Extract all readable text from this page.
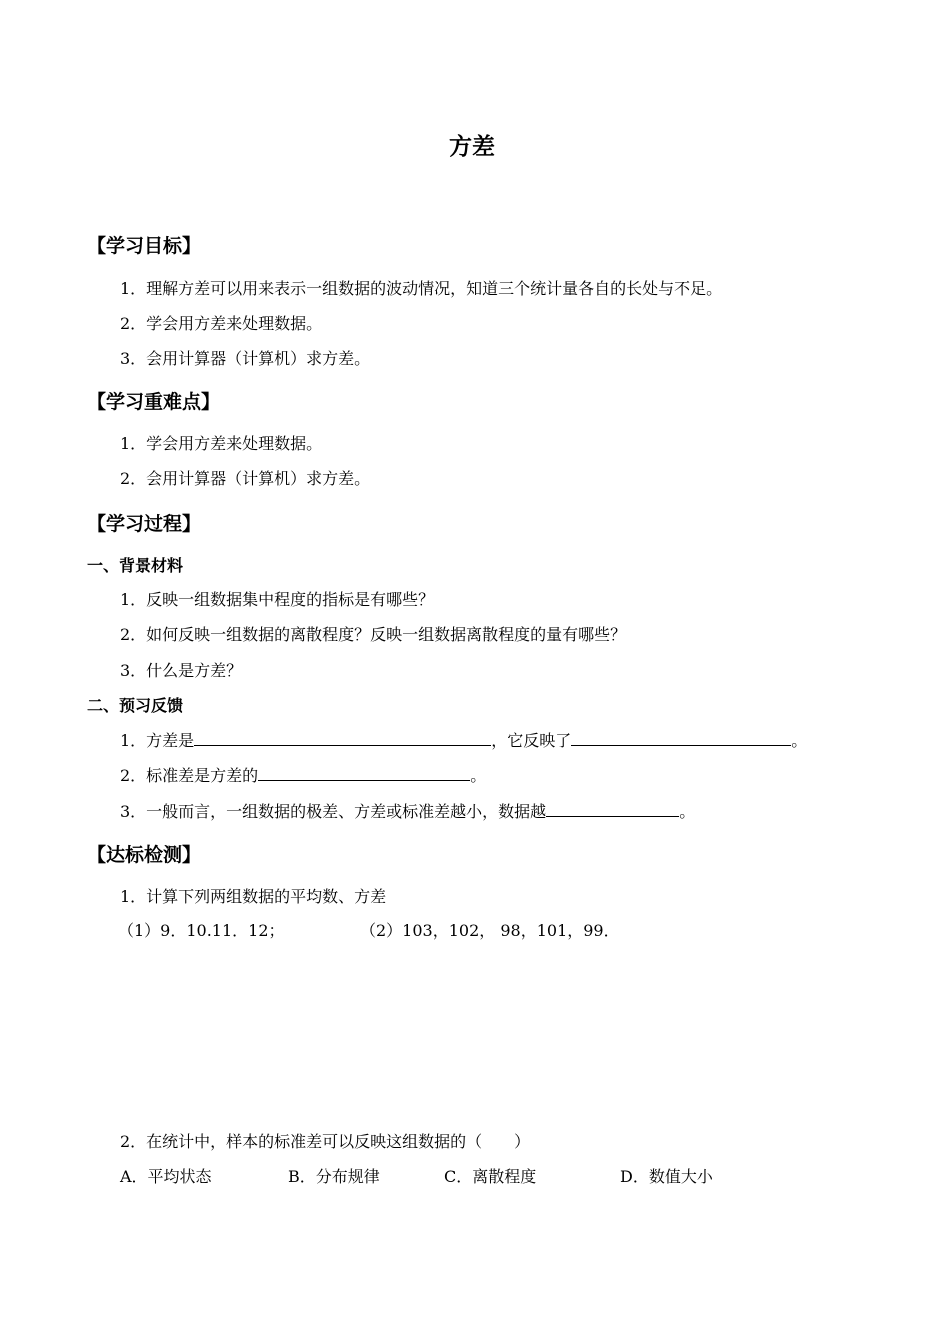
方差
【学习目标】
1．理解方差可以用来表示一组数据的波动情况，知道三个统计量各自的长处与不足。
2．学会用方差来处理数据。
3．会用计算器（计算机）求方差。
【学习重难点】
1．学会用方差来处理数据。
2．会用计算器（计算机）求方差。
【学习过程】
一、背景材料
1．反映一组数据集中程度的指标是有哪些？
2．如何反映一组数据的离散程度？反映一组数据离散程度的量有哪些？
3．什么是方差？
二、预习反馈
1．方差是	，它反映了	。
2．标准差是方差的	。
3．一般而言，一组数据的极差、方差或标准差越小，数据越	。
【达标检测】
1．计算下列两组数据的平均数、方差
（1）9．10.11．12；	（2）103，102， 98，101，99．
2．在统计中，样本的标准差可以反映这组数据的（　　）
A．平均状态	B．分布规律	C．离散程度	D．数值大小
